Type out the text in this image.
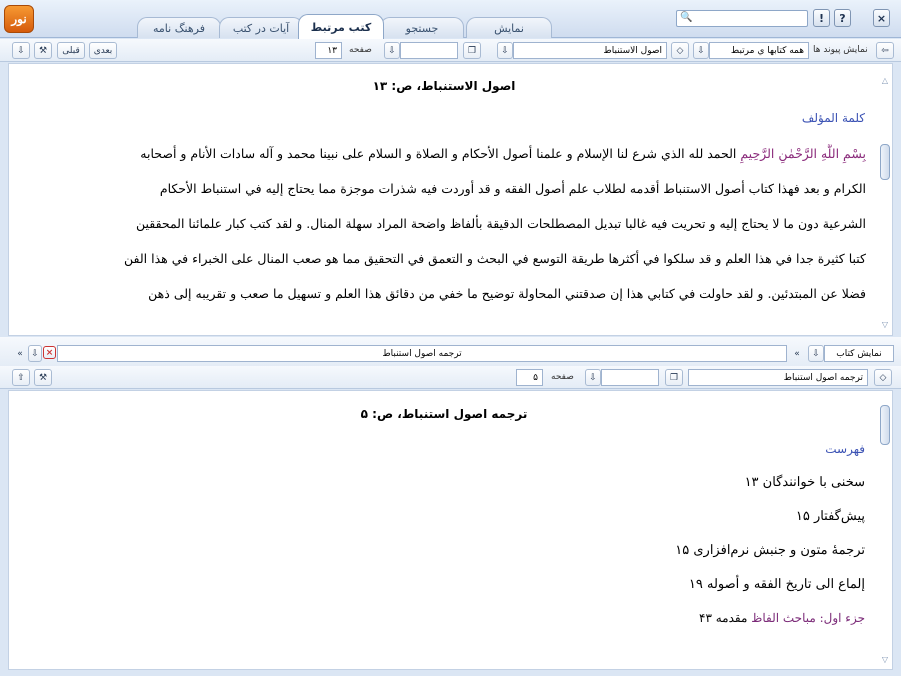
نور
فرهنگ نامه	آيات در كتب	كتب مرتبط	جستجو	نمايش
🔍	!	?	×
⇩	⚒	قبلى	بعدى	۱۳	صفحه	⇩	❐	⇩	اصول الاستنباط	◇	⇩	همه كتابها ي مرتبط	نمايش پيوند ها	⇦
اصول الاستنباط، ص: ۱۳
كلمة المؤلف
بِسْمِ اللَّهِ الرَّحْمٰنِ الرَّحِيمِ الحمد لله الذي شرع لنا الإسلام و علمنا أصول الأحكام و الصلاة و السلام على نبينا محمد و آله سادات الأنام و أصحابه
الكرام و بعد فهذا كتاب أصول الاستنباط أقدمه لطلاب علم أصول الفقه و قد أوردت فيه شذرات موجزة مما يحتاج إليه في استنباط الأحكام
الشرعية دون ما لا يحتاج إليه و تحريت فيه غالبا تبديل المصطلحات الدقيقة بألفاظ واضحة المراد سهلة المنال. و لقد كتب كبار علمائنا المحققين
كتبا كثيرة جدا في هذا العلم و قد سلكوا في أكثرها طريقة التوسع في البحث و التعمق في التحقيق مما هو صعب المنال على الخبراء في هذا الفن
فضلا عن المبتدئين. و لقد حاولت في كتابي هذا إن صدقتني المحاولة توضيح ما خفي من دقائق هذا العلم و تسهيل ما صعب و تقريبه إلى ذهن
△
▽
« ⇩ ×	ترجمه اصول استنباط	«	⇩	نمايش كتاب
⇧	⚒	۵	صفحه	⇩	❐	ترجمه اصول استنباط	◇
ترجمه اصول استنباط، ص: ۵
فهرست
سخنى با خوانندگان ۱۳
پيش‌گفتار ۱۵
ترجمۀ متون و جنبش نرم‌افزارى ۱۵
إلماع الى تاريخ الفقه و أصوله ۱۹
جزء اول: مباحث الفاظ مقدمه ۴۳
▽
